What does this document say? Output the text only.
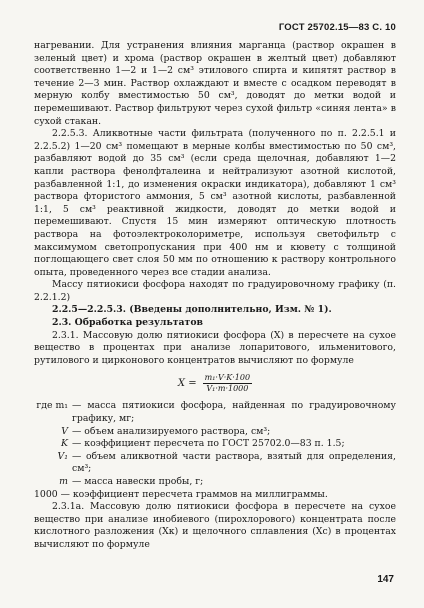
ГОСТ 25702.15—83 С. 10

нагревании. Для устранения влияния марганца (раствор окрашен в зеленый цвет) и хрома (раствор окрашен в желтый цвет) добавляют соответственно 1—2 и 1—2 см³ этилового спирта и кипятят раствор в течение 2—3 мин. Раствор охлаждают и вместе с осадком переводят в мерную колбу вместимостью 50 см³, доводят до метки водой и перемешивают. Раствор фильтруют через сухой фильтр «синяя лента» в сухой стакан.

2.2.5.3. Аликвотные части фильтрата (полученного по п. 2.2.5.1 и 2.2.5.2) 1—20 см³ помещают в мерные колбы вместимостью по 50 см³, разбавляют водой до 35 см³ (если среда щелочная, добавляют 1—2 капли раствора фенолфталеина и нейтрализуют азотной кислотой, разбавленной 1:1, до изменения окраски индикатора), добавляют 1 см³ раствора фтористого аммония, 5 см³ азотной кислоты, разбавленной 1:1, 5 см³ реактивной жидкости, доводят до метки водой и перемешивают. Спустя 15 мин измеряют оптическую плотность раствора на фотоэлектроколориметре, используя светофильтр с максимумом светопропускания при 400 нм и кювету с толщиной поглощающего свет слоя 50 мм по отношению к раствору контрольного опыта, проведенного через все стадии анализа.

Массу пятиокиси фосфора находят по градуировочному графику (п. 2.2.1.2)

2.2.5—2.2.5.3. (Введены дополнительно, Изм. № 1).

2.3. Обработка результатов

2.3.1. Массовую долю пятиокиси фосфора (X) в пересчете на сухое вещество в процентах при анализе лопаритового, ильменитового, рутилового и цирконового концентратов вычисляют по формуле

$X = \frac{\text{m₁·V·K·100}}{\text{V₁·m·1000}}$
где m₁ — масса пятиокиси фосфора, найденная по градуировочному графику, мг;
V — объем анализируемого раствора, см³;
K — коэффициент пересчета по ГОСТ 25702.0—83 п. 1.5;
V₁ — объем аликвотной части раствора, взятый для определения, см³;
m — масса навески пробы, г;

1000 — коэффициент пересчета граммов на миллиграммы.

2.3.1а. Массовую долю пятиокиси фосфора в пересчете на сухое вещество при анализе инобиевого (пирохлорового) концентрата после кислотного разложения (Xк) и щелочного сплавления (Xс) в процентах вычисляют по формуле

147
